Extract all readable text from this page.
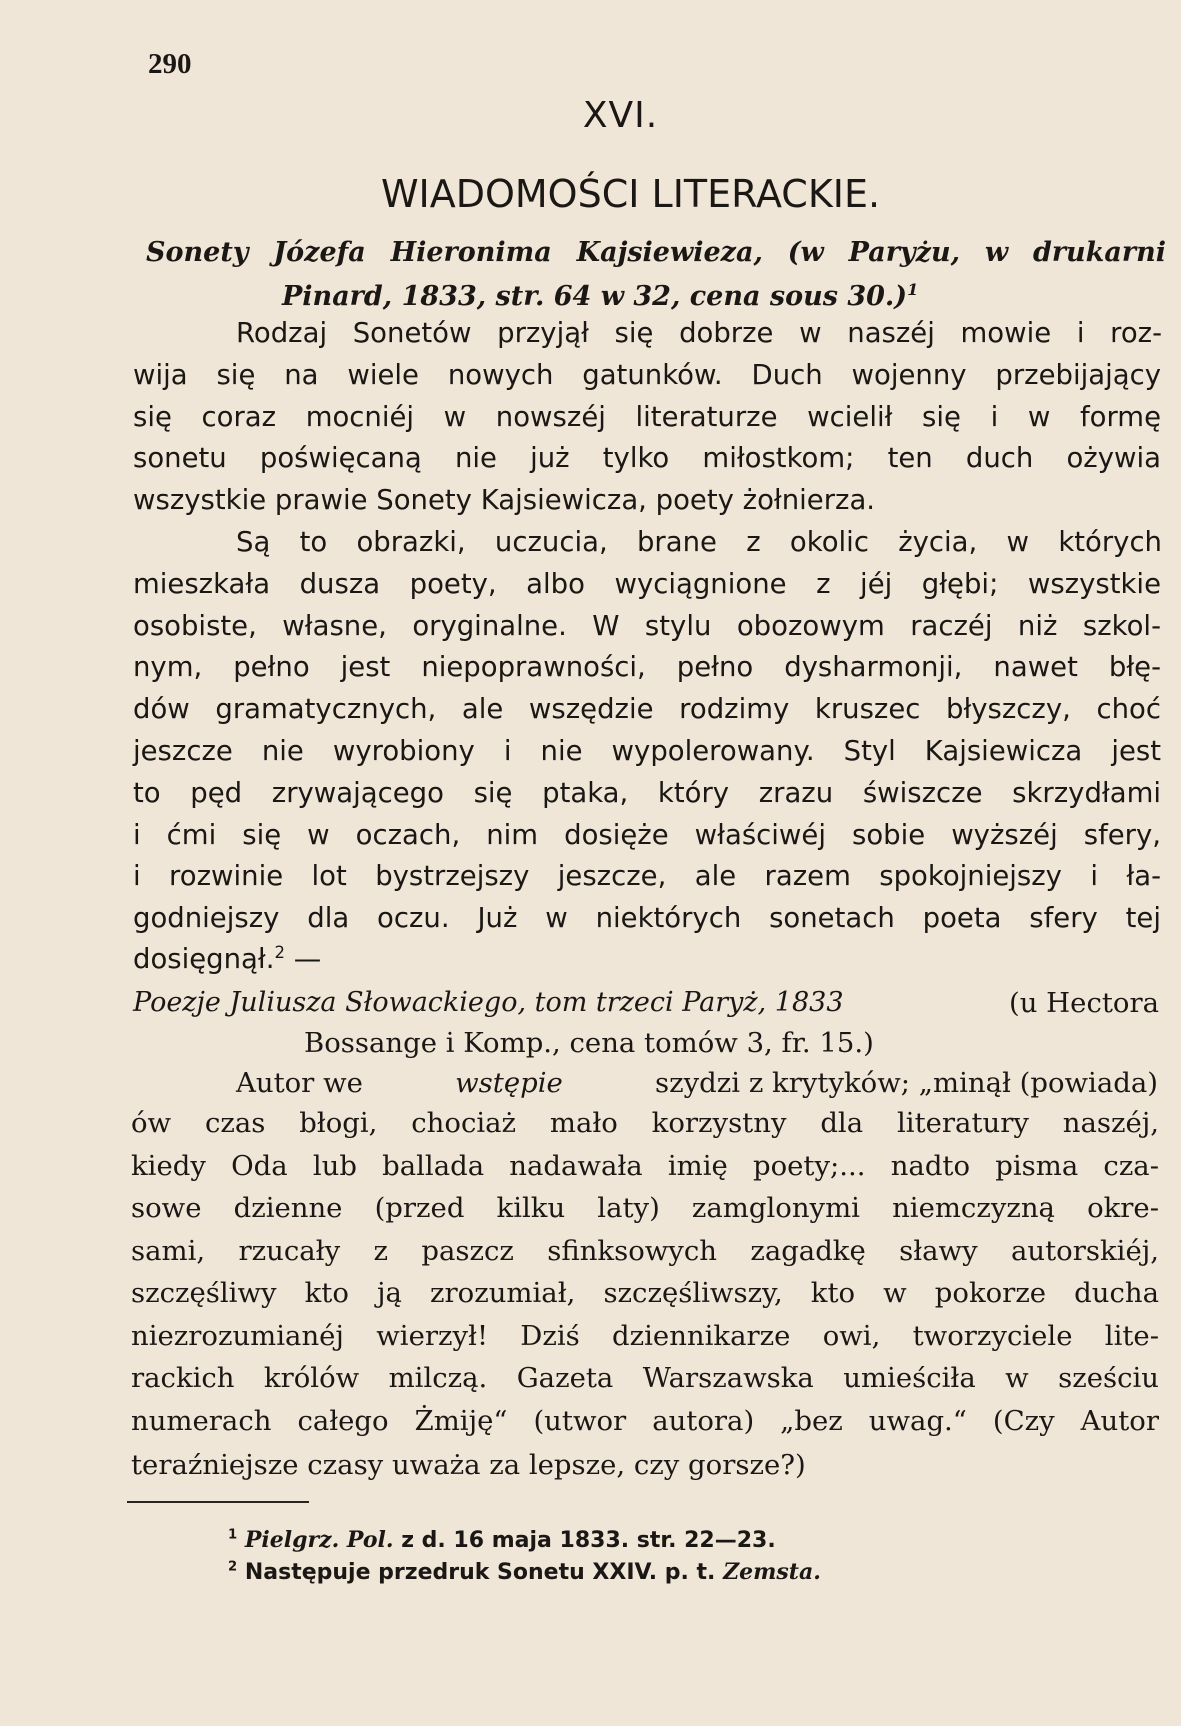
290
XVI.
WIADOMOŚCI LITERACKIE.
Sonety Józefa Hieronima Kajsiewieza, (w Paryżu, w drukarni
Pinard, 1833, str. 64 w 32, cena sous 30.)$^1$
Rodzaj Sonetów przyjął się dobrze w naszéj mowie i roz-
wija się na wiele nowych gatunków. Duch wojenny przebijający
się coraz mocniéj w nowszéj literaturze wcielił się i w formę
sonetu poświęcaną nie już tylko miłostkom; ten duch ożywia
wszystkie prawie Sonety Kajsiewicza, poety żołnierza.
Są to obrazki, uczucia, brane z okolic życia, w których
mieszkała dusza poety, albo wyciągnione z jéj głębi; wszystkie
osobiste, własne, oryginalne. W stylu obozowym raczéj niż szkol-
nym, pełno jest niepoprawności, pełno dysharmonji, nawet błę-
dów gramatycznych, ale wszędzie rodzimy kruszec błyszczy, choć
jeszcze nie wyrobiony i nie wypolerowany. Styl Kajsiewicza jest
to pęd zrywającego się ptaka, który zrazu świszcze skrzydłami
i ćmi się w oczach, nim dosięże właściwéj sobie wyższéj sfery,
i rozwinie lot bystrzejszy jeszcze, ale razem spokojniejszy i ła-
godniejszy dla oczu. Już w niektórych sonetach poeta sfery tej
dosięgnął.$^2$ —
Poezje Juliusza Słowackiego, tom trzeci Paryż, 1833	(u Hectora
Bossange i Komp., cena tomów 3, fr. 15.)
Autor we	wstępie	szydzi z krytyków; „minął (powiada)
ów czas błogi, chociaż mało korzystny dla literatury naszéj,
kiedy Oda lub ballada nadawała imię poety;... nadto pisma cza-
sowe dzienne (przed kilku laty) zamglonymi niemczyzną okre-
sami, rzucały z paszcz sfinksowych zagadkę sławy autorskiéj,
szczęśliwy kto ją zrozumiał, szczęśliwszy, kto w pokorze ducha
niezrozumianéj wierzył! Dziś dziennikarze owi, tworzyciele lite-
rackich królów milczą. Gazeta Warszawska umieściła w sześciu
numerach całego Żmiję“ (utwor autora) „bez uwag.“ (Czy Autor
teraźniejsze czasy uważa za lepsze, czy gorsze?)
$^1$ Pielgrz. Pol. z d. 16 maja 1833. str. 22—23.
$^2$ Następuje przedruk Sonetu XXIV. p. t. Zemsta.
